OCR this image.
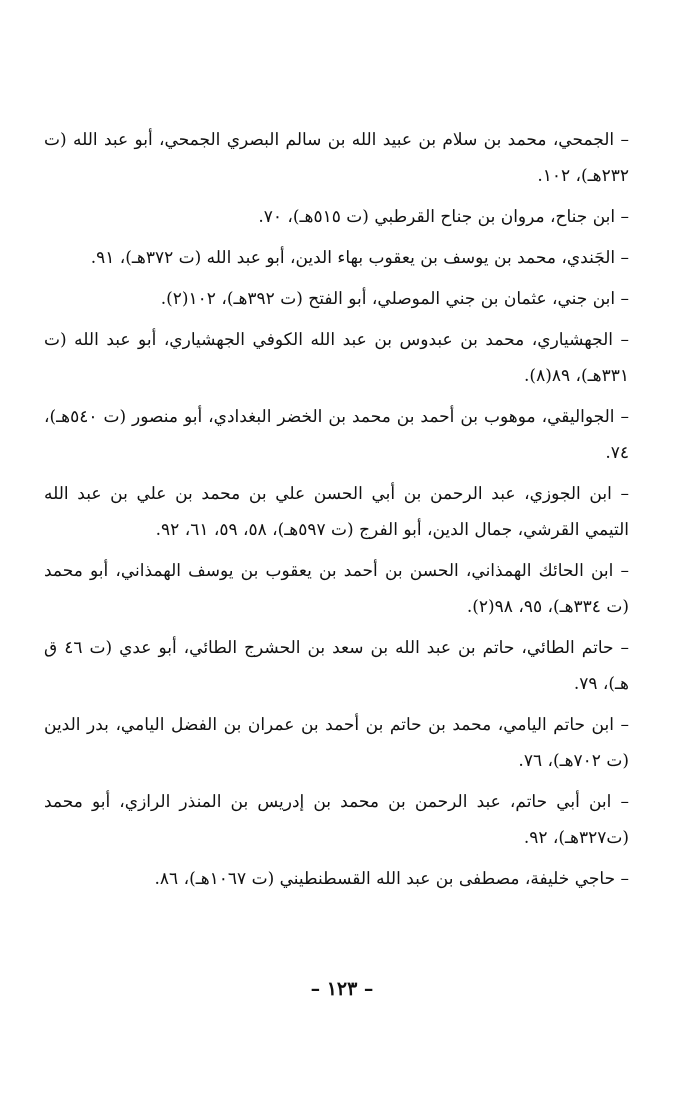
– الجمحي، محمد بن سلام بن عبيد الله بن سالم البصري الجمحي، أبو عبد الله (ت ٢٣٢هـ)، ١٠٢.

– ابن جناح، مروان بن جناح القرطبي (ت ٥١٥هـ)، ٧٠.

– الجَندي، محمد بن يوسف بن يعقوب بهاء الدين، أبو عبد الله (ت ٣٧٢هـ)، ٩١.

– ابن جني، عثمان بن جني الموصلي، أبو الفتح (ت ٣٩٢هـ)، ١٠٢(٢).

– الجهشياري، محمد بن عبدوس بن عبد الله الكوفي الجهشياري، أبو عبد الله (ت ٣٣١هـ)، ٨٩(٨).

– الجواليقي، موهوب بن أحمد بن محمد بن الخضر البغدادي، أبو منصور (ت ٥٤٠هـ)، ٧٤.

– ابن الجوزي، عبد الرحمن بن أبي الحسن علي بن محمد بن علي بن عبد الله التيمي القرشي، جمال الدين، أبو الفرج (ت ٥٩٧هـ)، ٥٨، ٥٩، ٦١، ٩٢.

– ابن الحائك الهمذاني، الحسن بن أحمد بن يعقوب بن يوسف الهمذاني، أبو محمد (ت ٣٣٤هـ)، ٩٥، ٩٨(٢).

– حاتم الطائي، حاتم بن عبد الله بن سعد بن الحشرج الطائي، أبو عدي (ت ٤٦ ق هـ)، ٧٩.

– ابن حاتم اليامي، محمد بن حاتم بن أحمد بن عمران بن الفضل اليامي، بدر الدين (ت ٧٠٢هـ)، ٧٦.

– ابن أبي حاتم، عبد الرحمن بن محمد بن إدريس بن المنذر الرازي، أبو محمد (ت٣٢٧هـ)، ٩٢.

– حاجي خليفة، مصطفى بن عبد الله القسطنطيني (ت ١٠٦٧هـ)، ٨٦.

– ١٢٣ –
